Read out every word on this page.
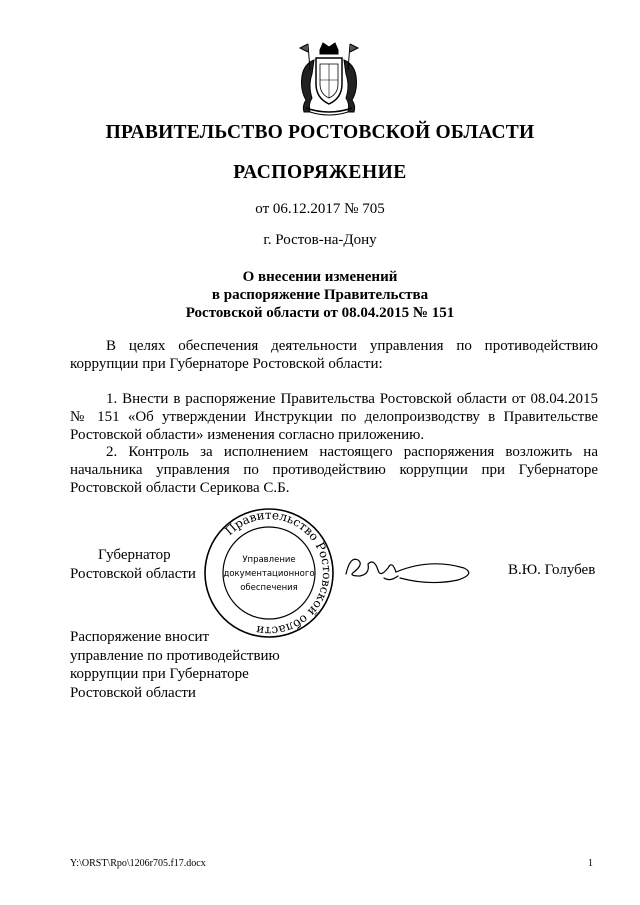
ПРАВИТЕЛЬСТВО РОСТОВСКОЙ ОБЛАСТИ
РАСПОРЯЖЕНИЕ
от 06.12.2017 № 705
г. Ростов-на-Дону
О внесении изменений
в распоряжение Правительства
Ростовской области от 08.04.2015 № 151
В целях обеспечения деятельности управления по противодействию коррупции при Губернаторе Ростовской области:
1. Внести в распоряжение Правительства Ростовской области от 08.04.2015 № 151 «Об утверждении Инструкции по делопроизводству в Правительстве Ростовской области» изменения согласно приложению.
2. Контроль за исполнением настоящего распоряжения возложить на начальника управления по противодействию коррупции при Губернаторе Ростовской области Серикова С.Б.
Губернатор
Ростовской области
Правительство Ростовской области
Управление
документационного
обеспечения
В.Ю. Голубев
Распоряжение вносит
управление по противодействию
коррупции при Губернаторе
Ростовской области
Y:\ORST\Rpo\1206r705.f17.docx	1
